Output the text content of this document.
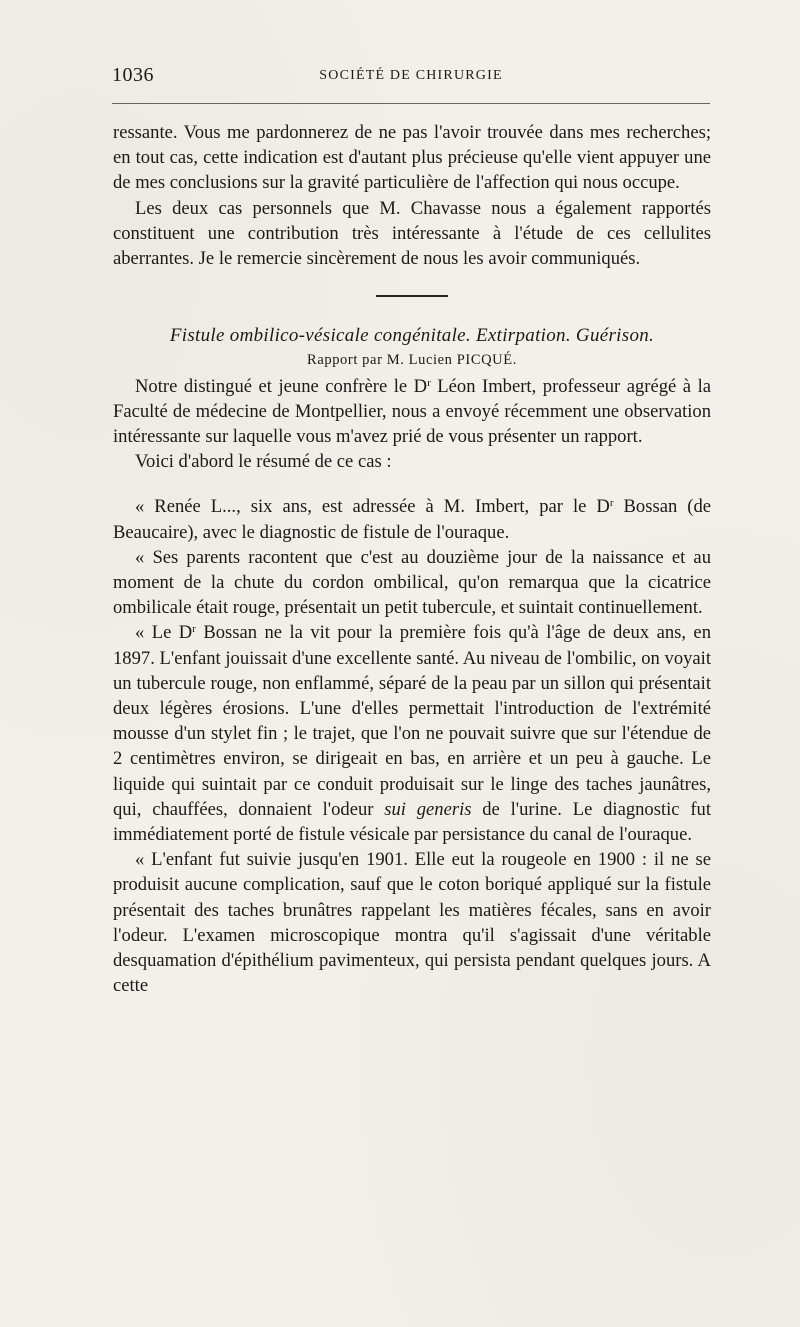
1036	SOCIÉTÉ DE CHIRURGIE

ressante. Vous me pardonnerez de ne pas l'avoir trouvée dans mes recherches; en tout cas, cette indication est d'autant plus précieuse qu'elle vient appuyer une de mes conclusions sur la gravité particulière de l'affection qui nous occupe.

Les deux cas personnels que M. Chavasse nous a également rapportés constituent une contribution très intéressante à l'étude de ces cellulites aberrantes. Je le remercie sincèrement de nous les avoir communiqués.

Fistule ombilico-vésicale congénitale. Extirpation. Guérison.

Rapport par M. Lucien PICQUÉ.

Notre distingué et jeune confrère le $D^r$ Léon Imbert, professeur agrégé à la Faculté de médecine de Montpellier, nous a envoyé récemment une observation intéressante sur laquelle vous m'avez prié de vous présenter un rapport.

Voici d'abord le résumé de ce cas :

« Renée L..., six ans, est adressée à M. Imbert, par le $D^r$ Bossan (de Beaucaire), avec le diagnostic de fistule de l'ouraque.

« Ses parents racontent que c'est au douzième jour de la naissance et au moment de la chute du cordon ombilical, qu'on remarqua que la cicatrice ombilicale était rouge, présentait un petit tubercule, et suintait continuellement.

« Le $D^r$ Bossan ne la vit pour la première fois qu'à l'âge de deux ans, en 1897. L'enfant jouissait d'une excellente santé. Au niveau de l'ombilic, on voyait un tubercule rouge, non enflammé, séparé de la peau par un sillon qui présentait deux légères érosions. L'une d'elles permettait l'introduction de l'extrémité mousse d'un stylet fin ; le trajet, que l'on ne pouvait suivre que sur l'étendue de 2 centimètres environ, se dirigeait en bas, en arrière et un peu à gauche. Le liquide qui suintait par ce conduit produisait sur le linge des taches jaunâtres, qui, chauffées, donnaient l'odeur sui generis de l'urine. Le diagnostic fut immédiatement porté de fistule vésicale par persistance du canal de l'ouraque.

« L'enfant fut suivie jusqu'en 1901. Elle eut la rougeole en 1900 : il ne se produisit aucune complication, sauf que le coton boriqué appliqué sur la fistule présentait des taches brunâtres rappelant les matières fécales, sans en avoir l'odeur. L'examen microscopique montra qu'il s'agissait d'une véritable desquamation d'épithélium pavimenteux, qui persista pendant quelques jours. A cette
